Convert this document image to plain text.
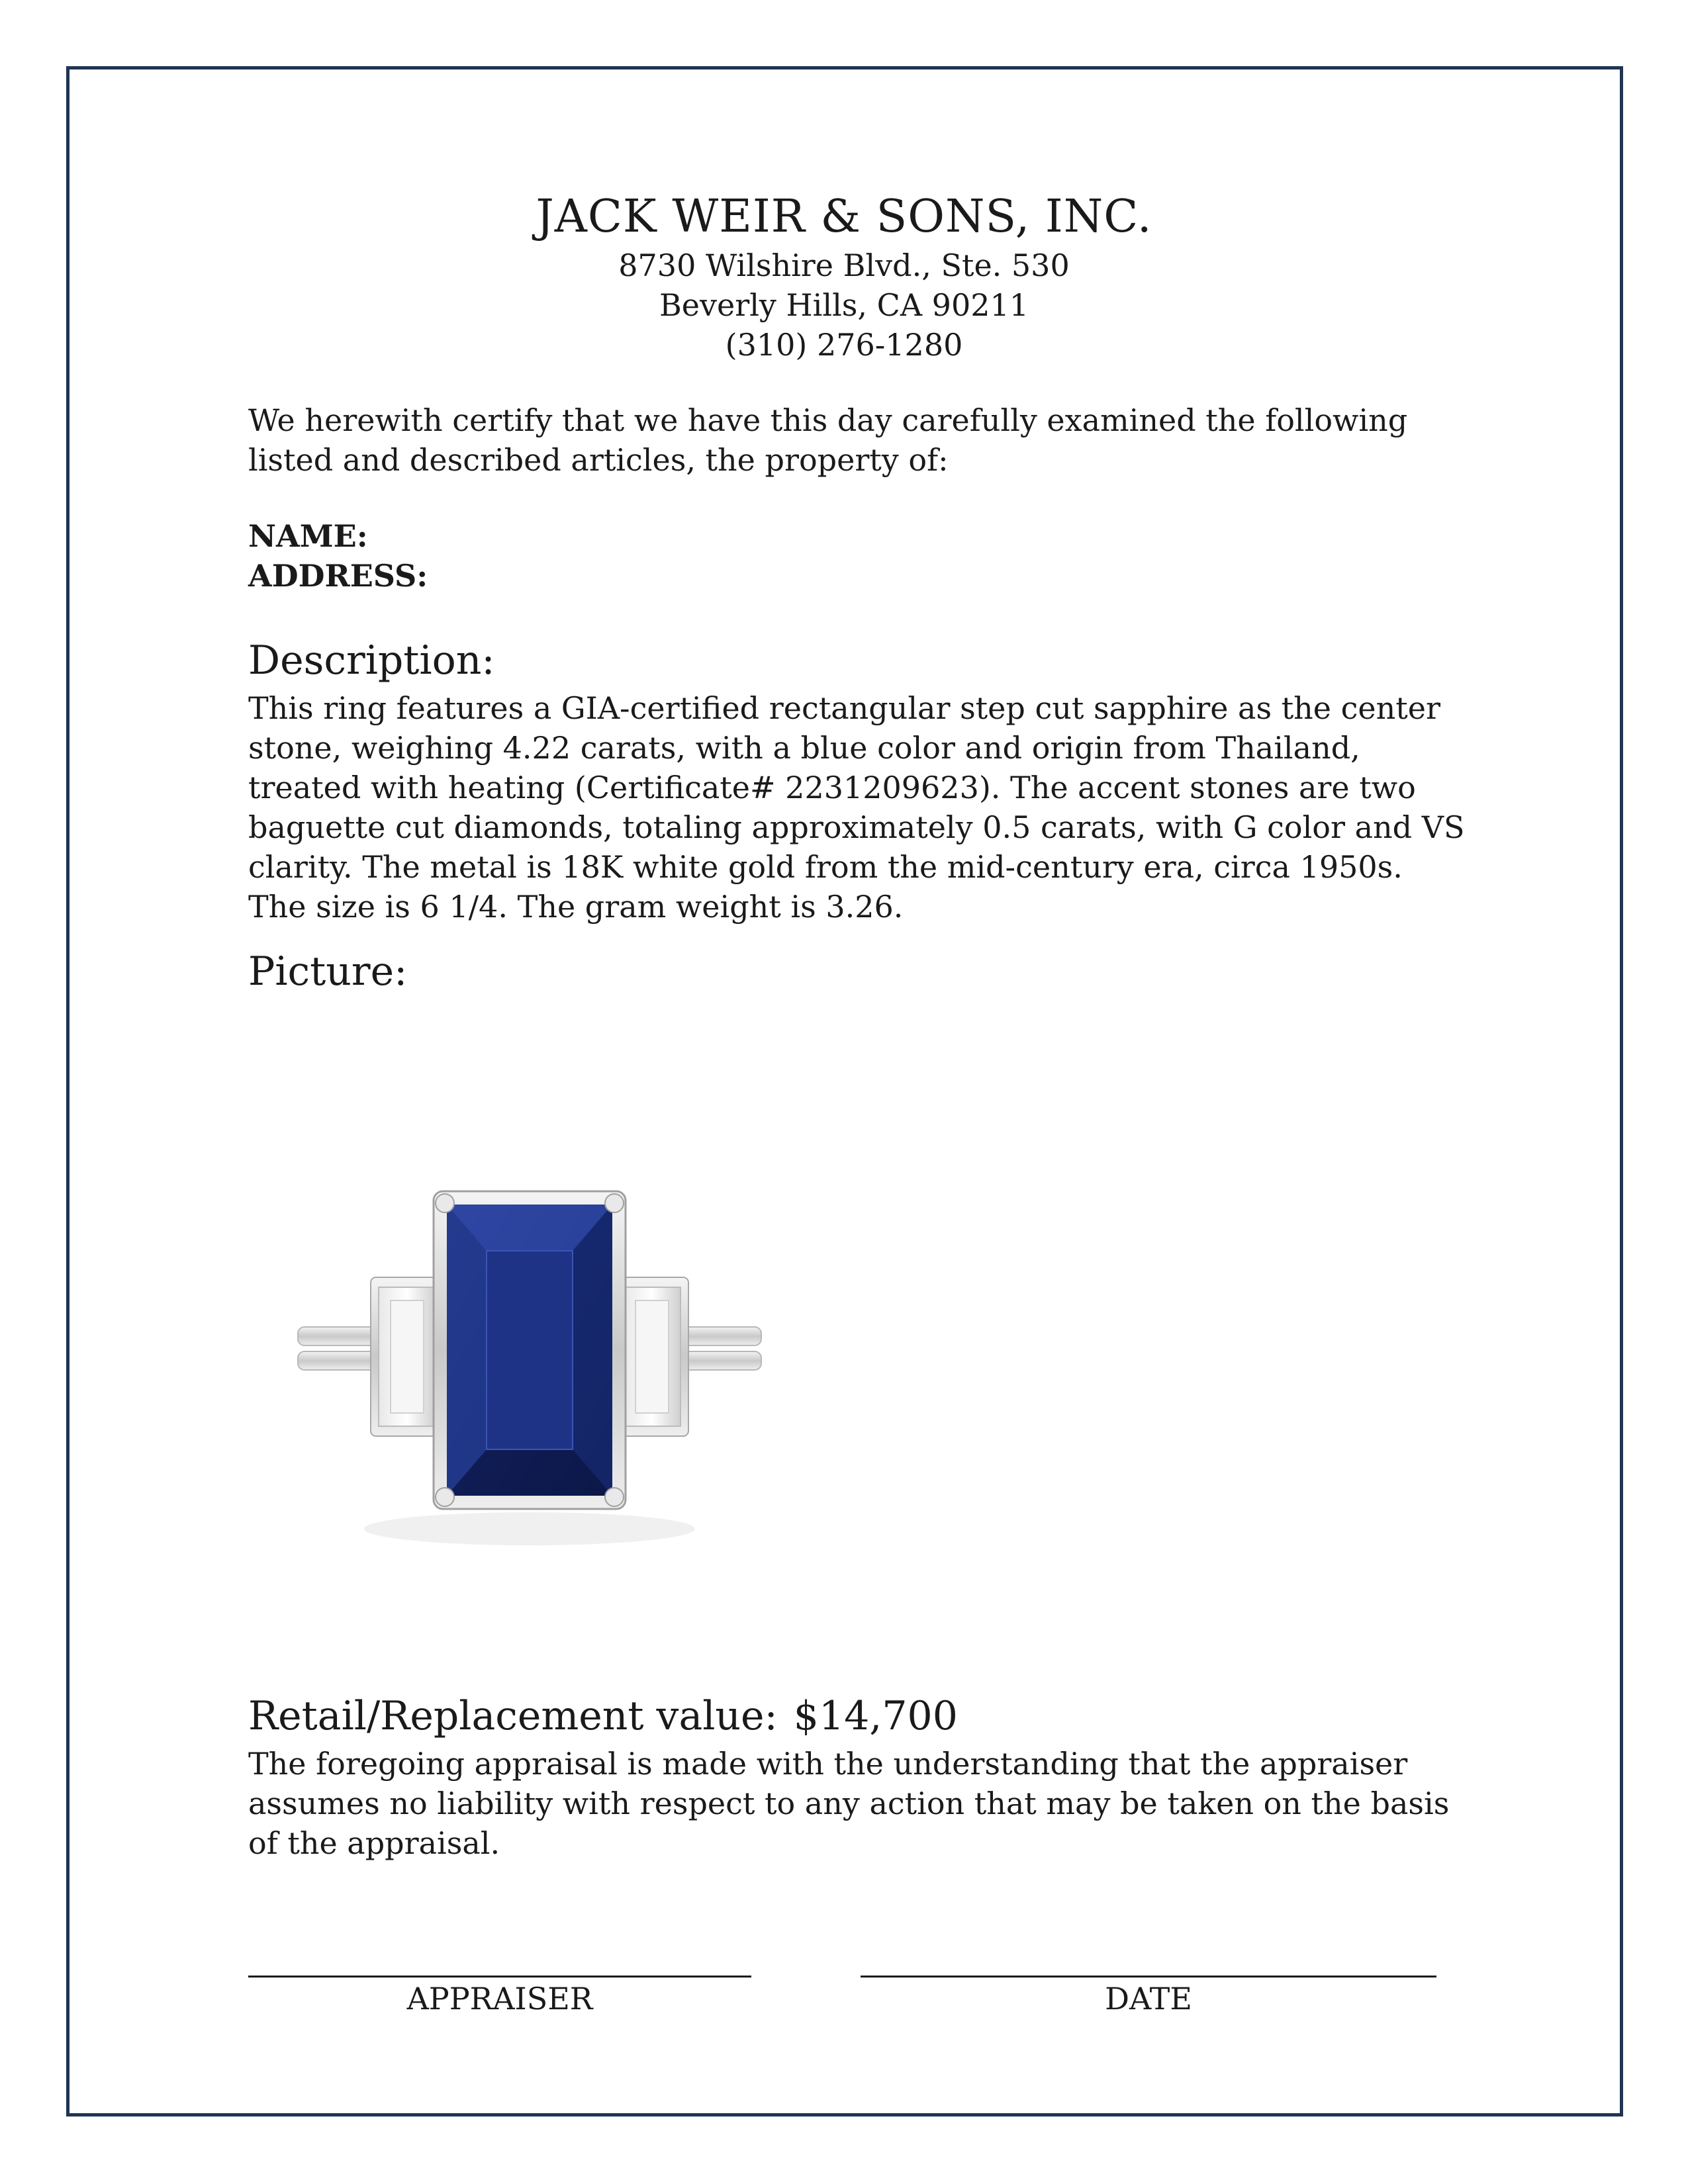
JACK WEIR & SONS, INC.
8730 Wilshire Blvd., Ste. 530
Beverly Hills, CA 90211
(310) 276-1280
We herewith certify that we have this day carefully examined the following listed and described articles, the property of:
NAME:
ADDRESS:
Description:
This ring features a GIA-certified rectangular step cut sapphire as the center stone, weighing 4.22 carats, with a blue color and origin from Thailand, treated with heating (Certificate# 2231209623). The accent stones are two baguette cut diamonds, totaling approximately 0.5 carats, with G color and VS clarity. The metal is 18K white gold from the mid-century era, circa 1950s. The size is 6 1/4. The gram weight is 3.26.
Picture:
Retail/Replacement value: $14,700
The foregoing appraisal is made with the understanding that the appraiser assumes no liability with respect to any action that may be taken on the basis of the appraisal.
APPRAISER	DATE
